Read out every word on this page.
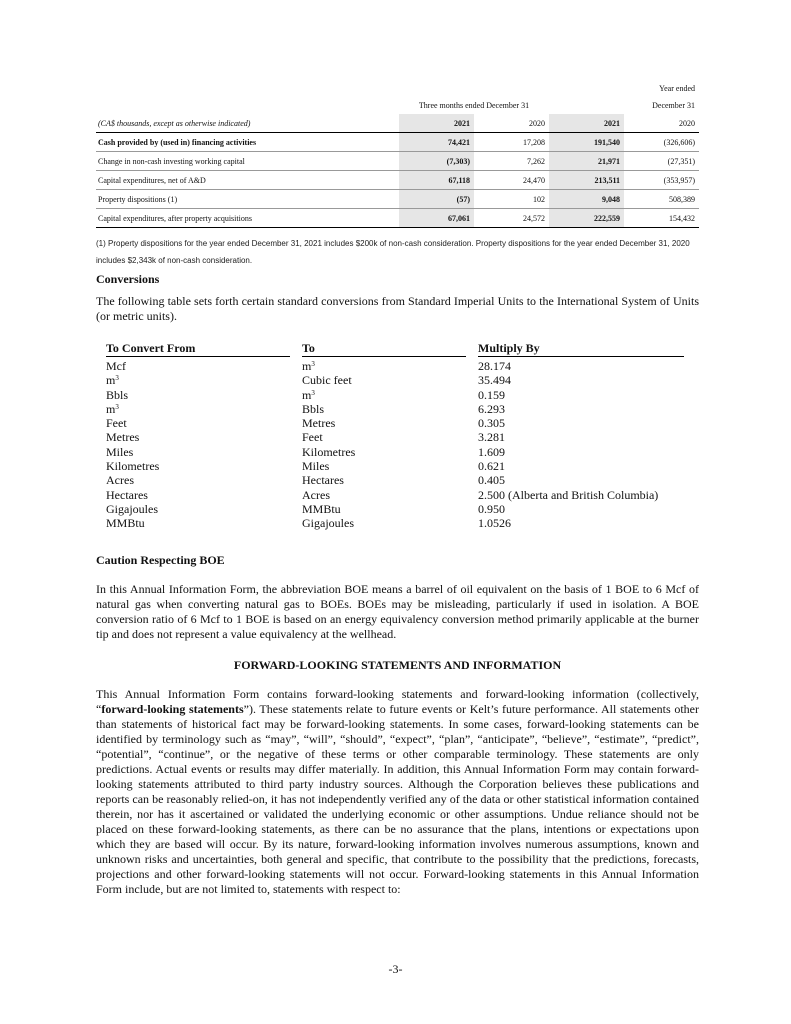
				Year ended
	Three months ended December 31			December 31
(CA$ thousands, except as otherwise indicated)	2021	2020	2021	2020
Cash provided by (used in) financing activities	74,421	17,208	191,540	(326,606)
Change in non-cash investing working capital	(7,303)	7,262	21,971	(27,351)
Capital expenditures, net of A&D	67,118	24,470	213,511	(353,957)
Property dispositions (1)	(57)	102	9,048	508,389
Capital expenditures, after property acquisitions	67,061	24,572	222,559	154,432
(1) Property dispositions for the year ended December 31, 2021 includes $200k of non-cash consideration. Property dispositions for the year ended December 31, 2020 includes $2,343k of non-cash consideration.
Conversions
The following table sets forth certain standard conversions from Standard Imperial Units to the International System of Units (or metric units).
To Convert From	To	Multiply By
Mcf	$m^3$	28.174
$m^3$	Cubic feet	35.494
Bbls	$m^3$	0.159
$m^3$	Bbls	6.293
Feet	Metres	0.305
Metres	Feet	3.281
Miles	Kilometres	1.609
Kilometres	Miles	0.621
Acres	Hectares	0.405
Hectares	Acres	2.500 (Alberta and British Columbia)
Gigajoules	MMBtu	0.950
MMBtu	Gigajoules	1.0526
Caution Respecting BOE
In this Annual Information Form, the abbreviation BOE means a barrel of oil equivalent on the basis of 1 BOE to 6 Mcf of natural gas when converting natural gas to BOEs. BOEs may be misleading, particularly if used in isolation. A BOE conversion ratio of 6 Mcf to 1 BOE is based on an energy equivalency conversion method primarily applicable at the burner tip and does not represent a value equivalency at the wellhead.
FORWARD-LOOKING STATEMENTS AND INFORMATION
This Annual Information Form contains forward-looking statements and forward-looking information (collectively, “forward-looking statements”). These statements relate to future events or Kelt’s future performance. All statements other than statements of historical fact may be forward-looking statements. In some cases, forward-looking statements can be identified by terminology such as “may”, “will”, “should”, “expect”, “plan”, “anticipate”, “believe”, “estimate”, “predict”, “potential”, “continue”, or the negative of these terms or other comparable terminology. These statements are only predictions. Actual events or results may differ materially. In addition, this Annual Information Form may contain forward-looking statements attributed to third party industry sources. Although the Corporation believes these publications and reports can be reasonably relied-on, it has not independently verified any of the data or other statistical information contained therein, nor has it ascertained or validated the underlying economic or other assumptions. Undue reliance should not be placed on these forward-looking statements, as there can be no assurance that the plans, intentions or expectations upon which they are based will occur. By its nature, forward-looking information involves numerous assumptions, known and unknown risks and uncertainties, both general and specific, that contribute to the possibility that the predictions, forecasts, projections and other forward-looking statements will not occur. Forward-looking statements in this Annual Information Form include, but are not limited to, statements with respect to:
-3-
